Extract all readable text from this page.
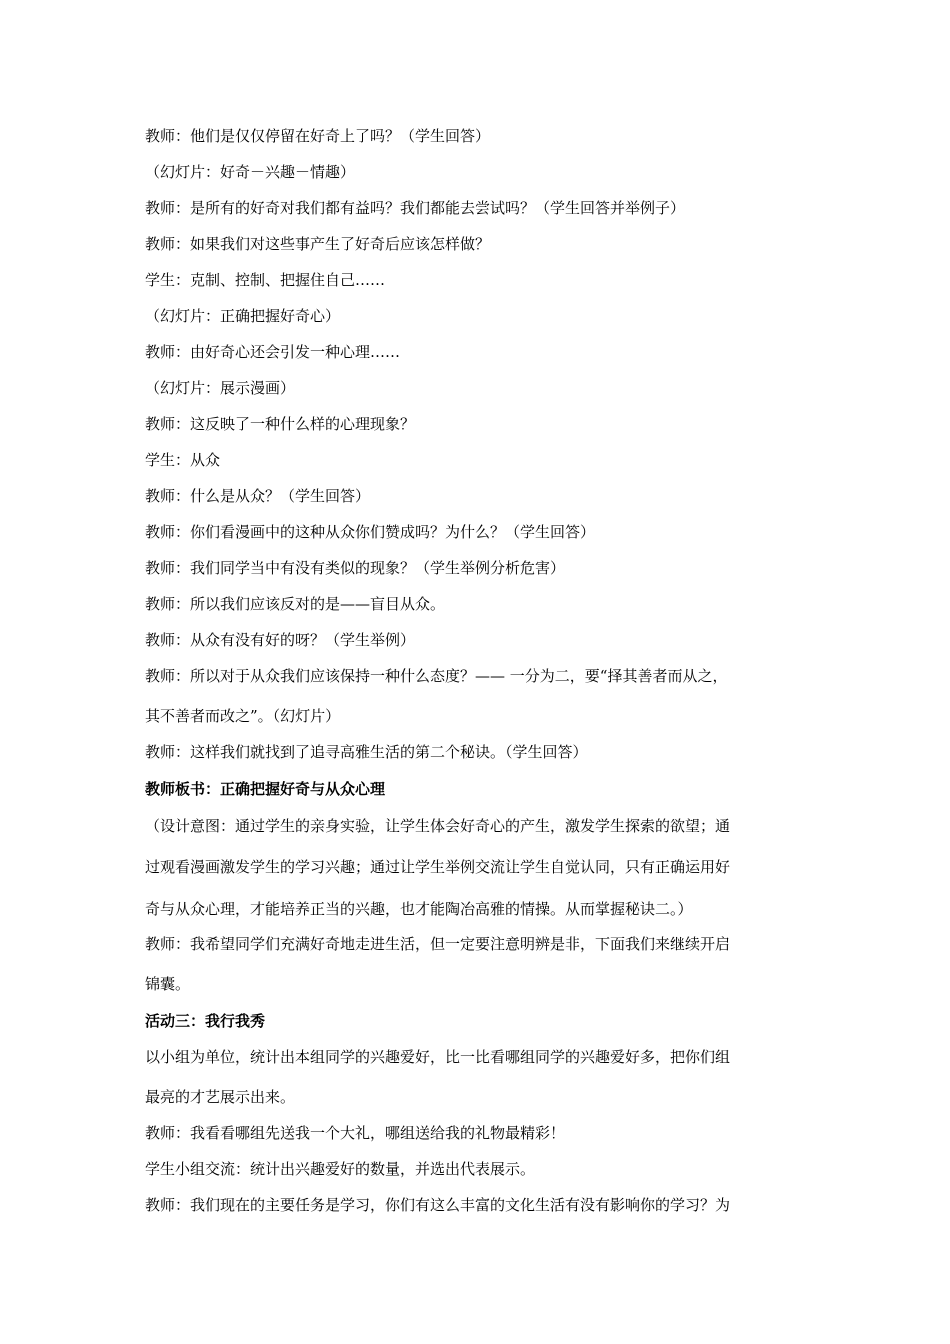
教师：他们是仅仅停留在好奇上了吗？（学生回答）
（幻灯片：好奇－兴趣－情趣）
教师：是所有的好奇对我们都有益吗？我们都能去尝试吗？（学生回答并举例子）
教师：如果我们对这些事产生了好奇后应该怎样做？
学生：克制、控制、把握住自己……
（幻灯片：正确把握好奇心）
教师：由好奇心还会引发一种心理……
（幻灯片：展示漫画）
教师：这反映了一种什么样的心理现象？
学生：从众
教师：什么是从众？（学生回答）
教师：你们看漫画中的这种从众你们赞成吗？为什么？（学生回答）
教师：我们同学当中有没有类似的现象？（学生举例分析危害）
教师：所以我们应该反对的是——盲目从众。
教师：从众有没有好的呀？（学生举例）
教师：所以对于从众我们应该保持一种什么态度？—— 一分为二，要“择其善者而从之，
其不善者而改之”。（幻灯片）
教师：这样我们就找到了追寻高雅生活的第二个秘诀。（学生回答）
教师板书：正确把握好奇与从众心理
（设计意图：通过学生的亲身实验，让学生体会好奇心的产生，激发学生探索的欲望；通
过观看漫画激发学生的学习兴趣；通过让学生举例交流让学生自觉认同，只有正确运用好
奇与从众心理，才能培养正当的兴趣，也才能陶冶高雅的情操。从而掌握秘诀二。）
教师：我希望同学们充满好奇地走进生活，但一定要注意明辨是非，下面我们来继续开启
锦囊。
活动三：我行我秀
以小组为单位，统计出本组同学的兴趣爱好，比一比看哪组同学的兴趣爱好多，把你们组
最亮的才艺展示出来。
教师：我看看哪组先送我一个大礼，哪组送给我的礼物最精彩！
学生小组交流：统计出兴趣爱好的数量，并选出代表展示。
教师：我们现在的主要任务是学习，你们有这么丰富的文化生活有没有影响你的学习？为
